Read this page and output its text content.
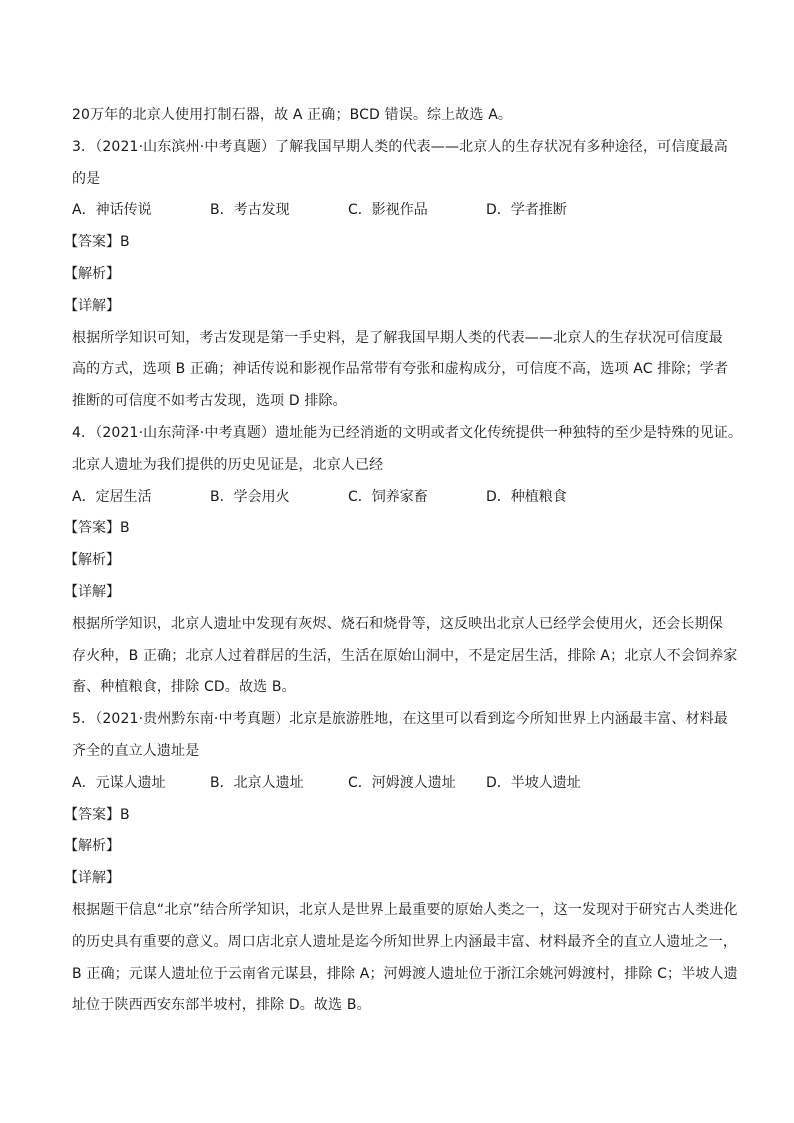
20万年的北京人使用打制石器，故 A 正确；BCD 错误。综上故选 A。
3．（2021·山东滨州·中考真题）了解我国早期人类的代表——北京人的生存状况有多种途径，可信度最高
的是
A．神话传说	B．考古发现	C．影视作品	D．学者推断
【答案】B
【解析】
【详解】
根据所学知识可知，考古发现是第一手史料，是了解我国早期人类的代表——北京人的生存状况可信度最
高的方式，选项 B 正确；神话传说和影视作品常带有夸张和虚构成分，可信度不高，选项 AC 排除；学者
推断的可信度不如考古发现，选项 D 排除。
4．（2021·山东菏泽·中考真题）遗址能为已经消逝的文明或者文化传统提供一种独特的至少是特殊的见证。
北京人遗址为我们提供的历史见证是，北京人已经
A．定居生活	B．学会用火	C．饲养家畜	D．种植粮食
【答案】B
【解析】
【详解】
根据所学知识，北京人遗址中发现有灰烬、烧石和烧骨等，这反映出北京人已经学会使用火，还会长期保
存火种，B 正确；北京人过着群居的生活，生活在原始山洞中，不是定居生活，排除 A；北京人不会饲养家
畜、种植粮食，排除 CD。故选 B。
5．（2021·贵州黔东南·中考真题）北京是旅游胜地，在这里可以看到迄今所知世界上内涵最丰富、材料最
齐全的直立人遗址是
A．元谋人遗址	B．北京人遗址	C．河姆渡人遗址	D．半坡人遗址
【答案】B
【解析】
【详解】
根据题干信息“北京”结合所学知识，北京人是世界上最重要的原始人类之一，这一发现对于研究古人类进化
的历史具有重要的意义。周口店北京人遗址是迄今所知世界上内涵最丰富、材料最齐全的直立人遗址之一，
B 正确；元谋人遗址位于云南省元谋县，排除 A；河姆渡人遗址位于浙江余姚河姆渡村，排除 C；半坡人遗
址位于陕西西安东部半坡村，排除 D。故选 B。
